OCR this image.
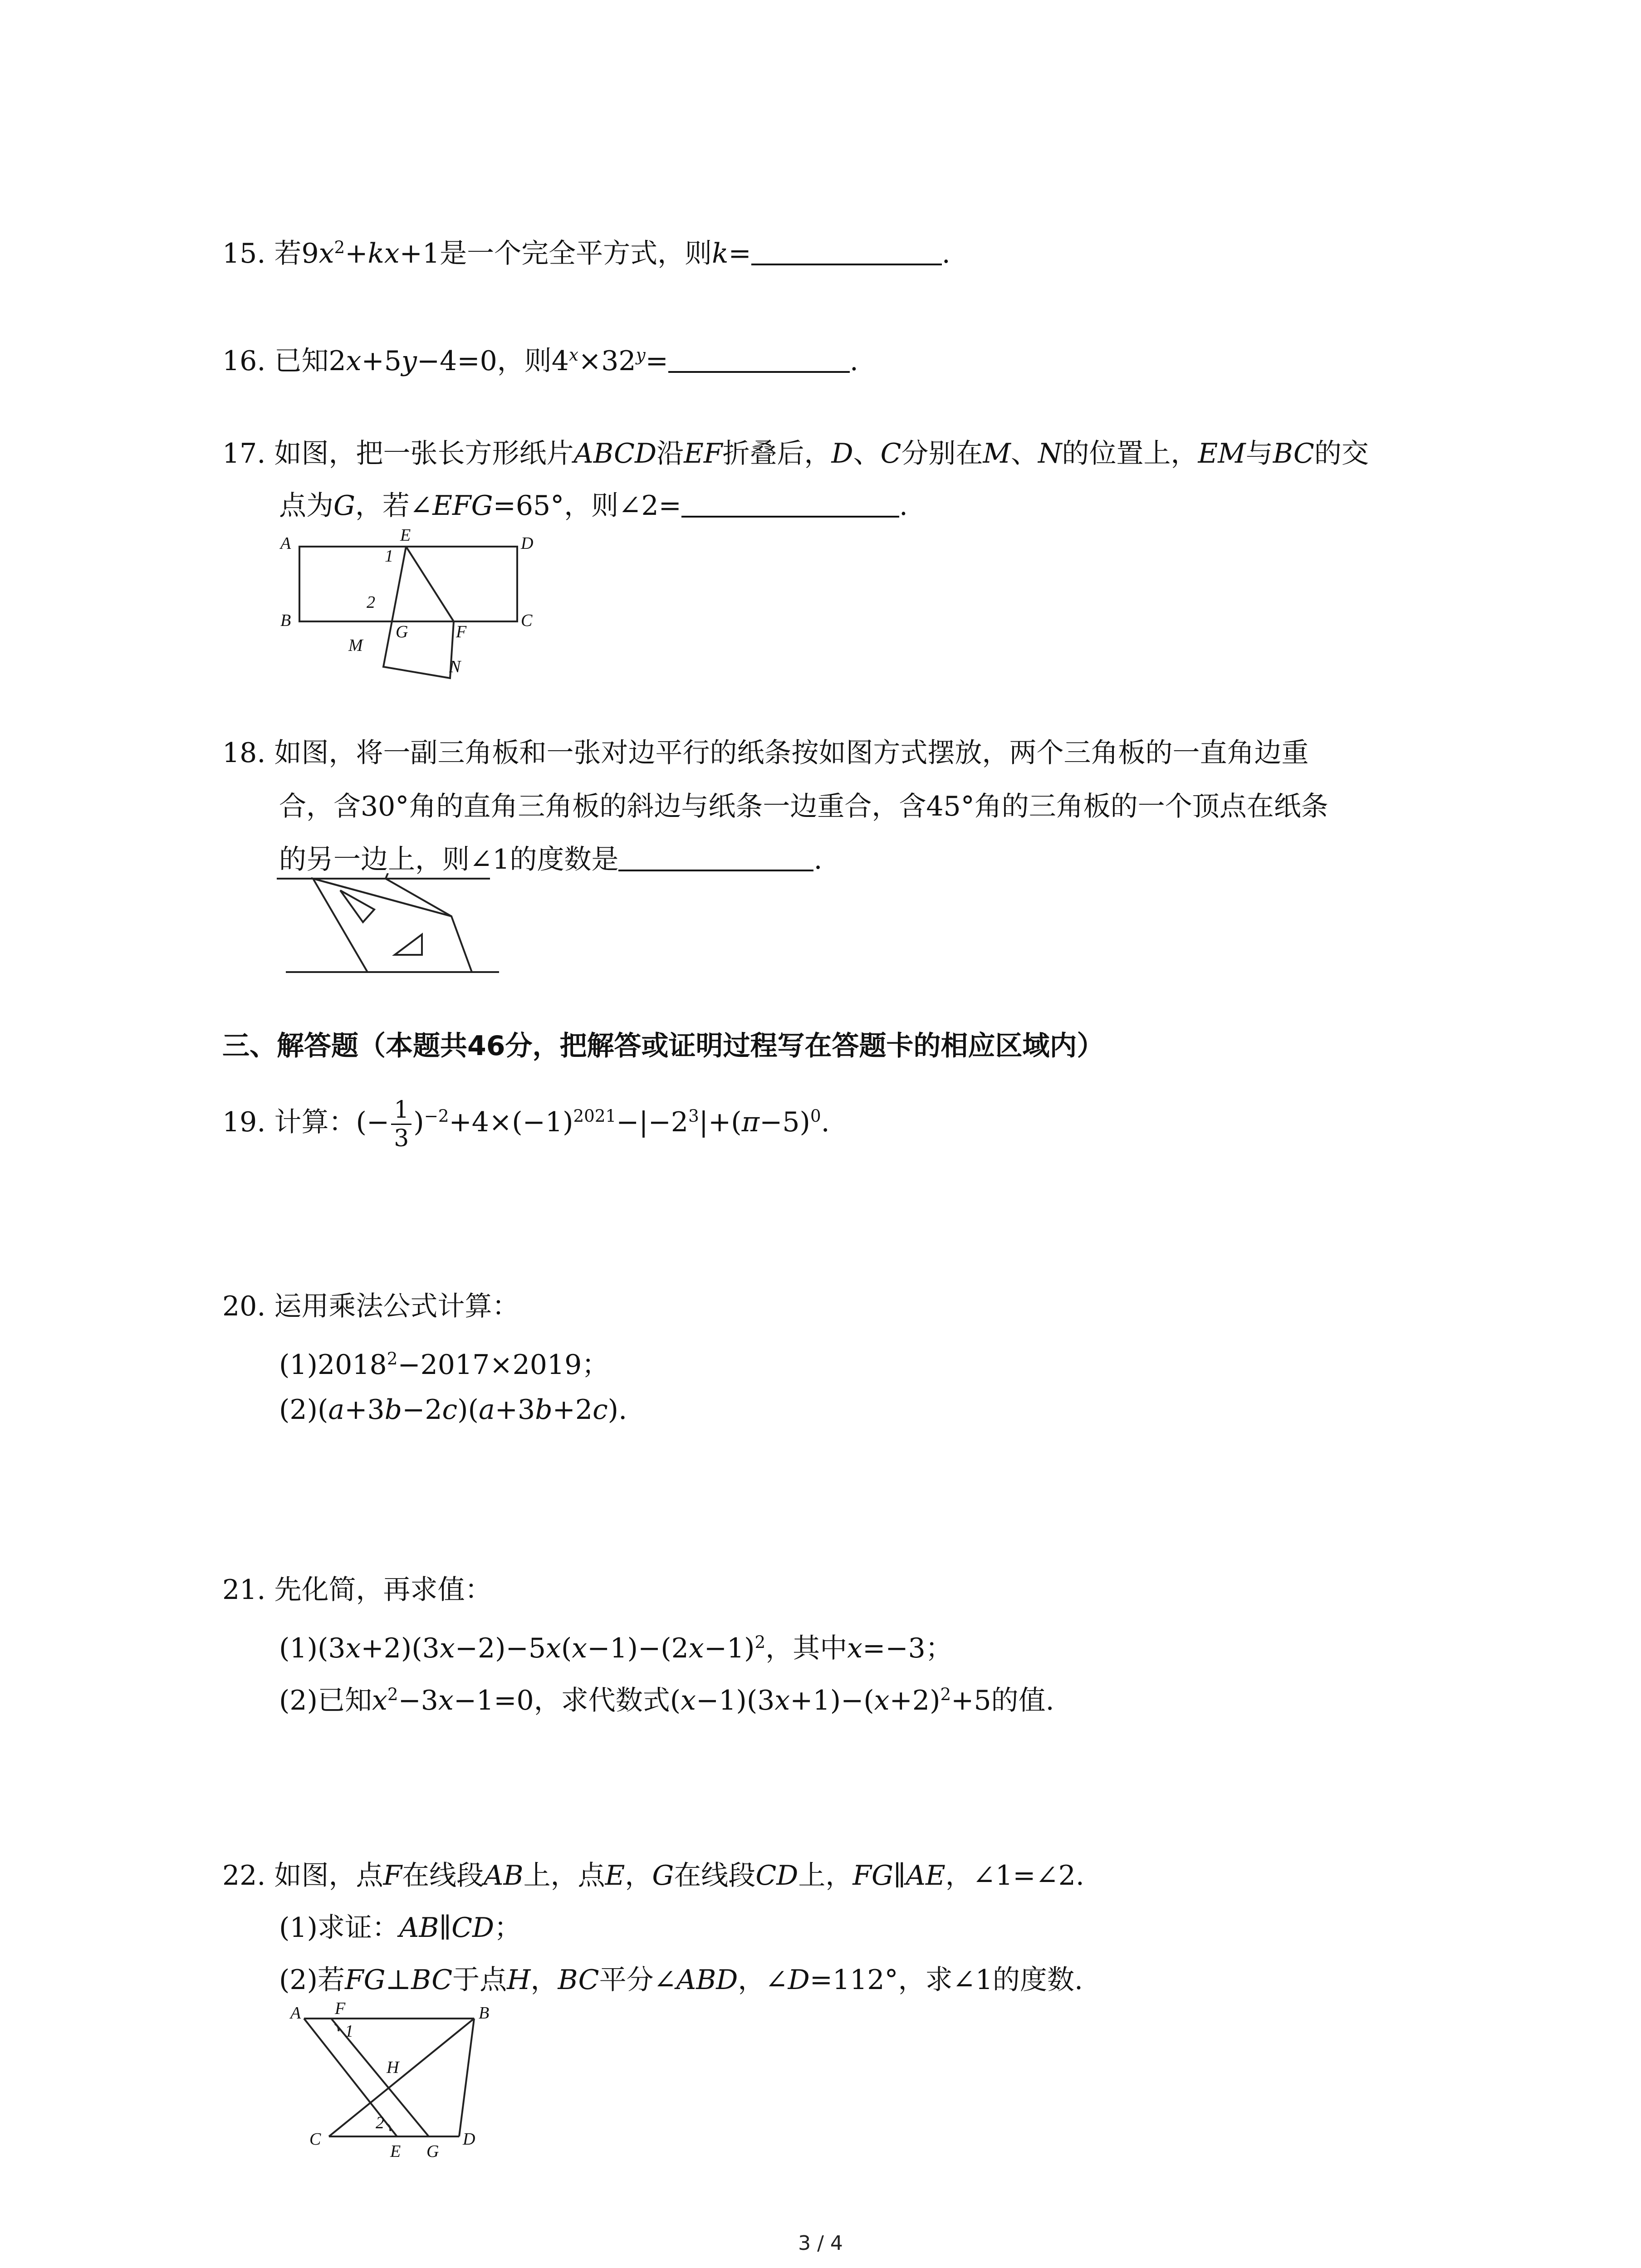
15. 若$9x^2+kx+1$是一个完全平方式，则k=	.
16. 已知2x+5y−4=0，则$4^x\times 32^y=$	.
17. 如图，把一张长方形纸片ABCD沿EF折叠后，D、C分别在M、N的位置上，EM与BC的交
点为G，若∠EFG=65°，则∠2=	.
A	D
B	C
E
F
G
M
N
1
2
18. 如图，将一副三角板和一张对边平行的纸条按如图方式摆放，两个三角板的一直角边重
合，含30°角的直角三角板的斜边与纸条一边重合，含45°角的三角板的一个顶点在纸条
的另一边上，则∠1的度数是	.
三、解答题（本题共46分，把解答或证明过程写在答题卡的相应区域内）
19. 计算：(− $\frac{1}{3} )^{-2}+4\times(-1)^{2021}-|-2^3|+(\pi-5)^0$.
20. 运用乘法公式计算：
$(1)2018^2-2017\times 2019$；
(2)(a+3b−2c)(a+3b+2c).
21. 先化简，再求值：
$(1)(3x+2)(3x-2)-5x(x-1)-(2x-1)^2$，其中x=−3；
(2)已知$x^2-3x-1=0$，求代数式$(x-1)(3x+1)-(x+2)^2+5$的值.
22. 如图，点F在线段AB上，点E，G在线段CD上，FG∥AE，∠1=∠2.
(1)求证：AB∥CD；
(2)若FG⊥BC于点H，BC平分∠ABD，∠D=112°，求∠1的度数.
A F	B
H
C
E G
D
1
2
3 / 4
